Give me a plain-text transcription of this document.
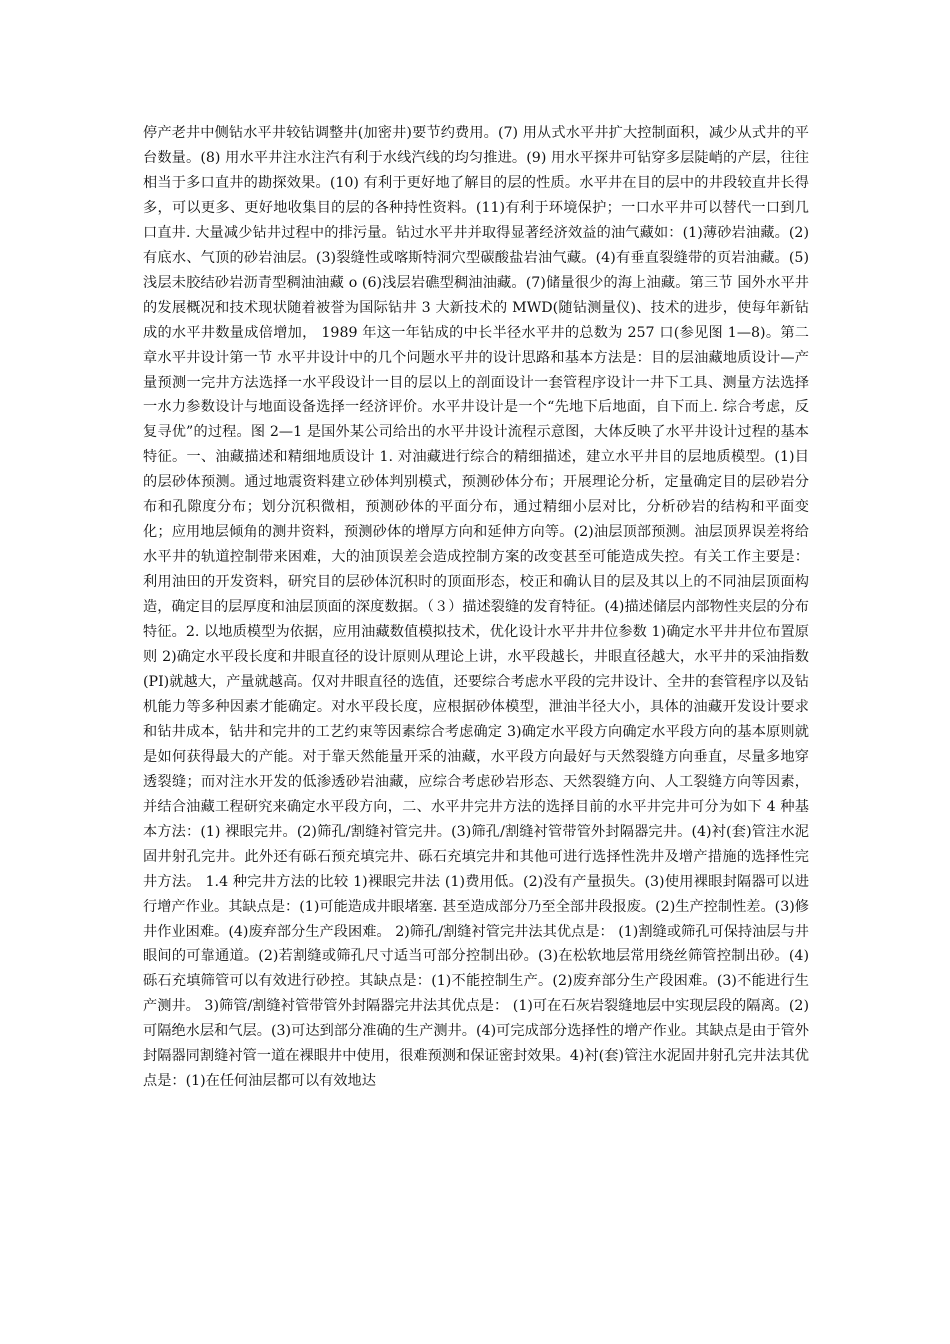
停产老井中侧钻水平井较钻调整井(加密井)要节约费用。(7) 用从式水平井扩大控制面积，减少从式井的平台数量。(8) 用水平井注水注汽有利于水线汽线的均匀推进。(9) 用水平探井可钻穿多层陡峭的产层，往往相当于多口直井的勘探效果。(10) 有利于更好地了解目的层的性质。水平井在目的层中的井段较直井长得多，可以更多、更好地收集目的层的各种持性资料。(11)有利于环境保护；一口水平井可以替代一口到几口直井. 大量减少钻井过程中的排污量。钻过水平井并取得显著经济效益的油气藏如：(1)薄砂岩油藏。(2)有底水、气顶的砂岩油层。(3)裂缝性或喀斯特洞穴型碳酸盐岩油气藏。(4)有垂直裂缝带的页岩油藏。(5)浅层未胶结砂岩沥青型稠油油藏 o (6)浅层岩礁型稠油油藏。(7)储量很少的海上油藏。第三节 国外水平井的发展概况和技术现状随着被誉为国际钻井 3 大新技术的 MWD(随钻测量仪)、技术的进步，使每年新钻成的水平井数量成倍增加， 1989 年这一年钻成的中长半径水平井的总数为 257 口(参见图 1—8)。第二章水平井设计第一节 水平井设计中的几个问题水平井的设计思路和基本方法是：目的层油藏地质设计—产量预测一完井方法选择一水平段设计一目的层以上的剖面设计一套管程序设计一井下工具、测量方法选择一水力参数设计与地面设备选择一经济评价。水平井设计是一个“先地下后地面，自下而上. 综合考虑，反复寻优”的过程。图 2—1 是国外某公司给出的水平井设计流程示意图，大体反映了水平井设计过程的基本特征。一、油藏描述和精细地质设计 1. 对油藏进行综合的精细描述，建立水平井目的层地质模型。(1)目的层砂体预测。通过地震资料建立砂体判别模式，预测砂体分布；开展理论分析，定量确定目的层砂岩分布和孔隙度分布；划分沉积微相，预测砂体的平面分布，通过精细小层对比，分析砂岩的结构和平面变化；应用地层倾角的测井资料，预测砂体的增厚方向和延伸方向等。(2)油层顶部预测。油层顶界误差将给水平井的轨道控制带来困难，大的油顶误差会造成控制方案的改变甚至可能造成失控。有关工作主要是：利用油田的开发资料，研究目的层砂体沉积时的顶面形态，校正和确认目的层及其以上的不同油层顶面构造，确定目的层厚度和油层顶面的深度数据。（３）描述裂缝的发育特征。(4)描述储层内部物性夹层的分布特征。2. 以地质模型为依据，应用油藏数值模拟技术，优化设计水平井井位参数 1)确定水平井井位布置原则 2)确定水平段长度和井眼直径的设计原则从理论上讲，水平段越长，井眼直径越大，水平井的采油指数(PI)就越大，产量就越高。仅对井眼直径的选值，还要综合考虑水平段的完井设计、全井的套管程序以及钻机能力等多种因素才能确定。对水平段长度，应根据砂体模型，泄油半径大小，具体的油藏开发设计要求和钻井成本，钻井和完井的工艺约束等因素综合考虑确定 3)确定水平段方向确定水平段方向的基本原则就是如何获得最大的产能。对于靠天然能量开采的油藏，水平段方向最好与天然裂缝方向垂直，尽量多地穿透裂缝；而对注水开发的低渗透砂岩油藏，应综合考虑砂岩形态、天然裂缝方向、人工裂缝方向等因素，并结合油藏工程研究来确定水平段方向，二、水平井完井方法的选择目前的水平井完井可分为如下 4 种基本方法：(1) 裸眼完井。(2)筛孔/割缝衬管完井。(3)筛孔/割缝衬管带管外封隔器完井。(4)衬(套)管注水泥固井射孔完井。此外还有砾石预充填完井、砾石充填完井和其他可进行选择性洗井及增产措施的选择性完井方法。 1.4 种完井方法的比较 1)裸眼完井法 (1)费用低。(2)没有产量损失。(3)使用裸眼封隔器可以进行增产作业。其缺点是：(1)可能造成井眼堵塞. 甚至造成部分乃至全部井段报废。(2)生产控制性差。(3)修井作业困难。(4)废弃部分生产段困难。 2)筛孔/割缝衬管完井法其优点是： (1)割缝或筛孔可保持油层与井眼间的可靠通道。(2)若割缝或筛孔尺寸适当可部分控制出砂。(3)在松软地层常用绕丝筛管控制出砂。(4)砾石充填筛管可以有效进行砂控。其缺点是：(1)不能控制生产。(2)废弃部分生产段困难。(3)不能进行生产测井。 3)筛管/割缝衬管带管外封隔器完井法其优点是： (1)可在石灰岩裂缝地层中实现层段的隔离。(2)可隔绝水层和气层。(3)可达到部分准确的生产测井。(4)可完成部分选择性的增产作业。其缺点是由于管外封隔器同割缝衬管一道在裸眼井中使用，很难预测和保证密封效果。4)衬(套)管注水泥固井射孔完井法其优点是：(1)在任何油层都可以有效地达
